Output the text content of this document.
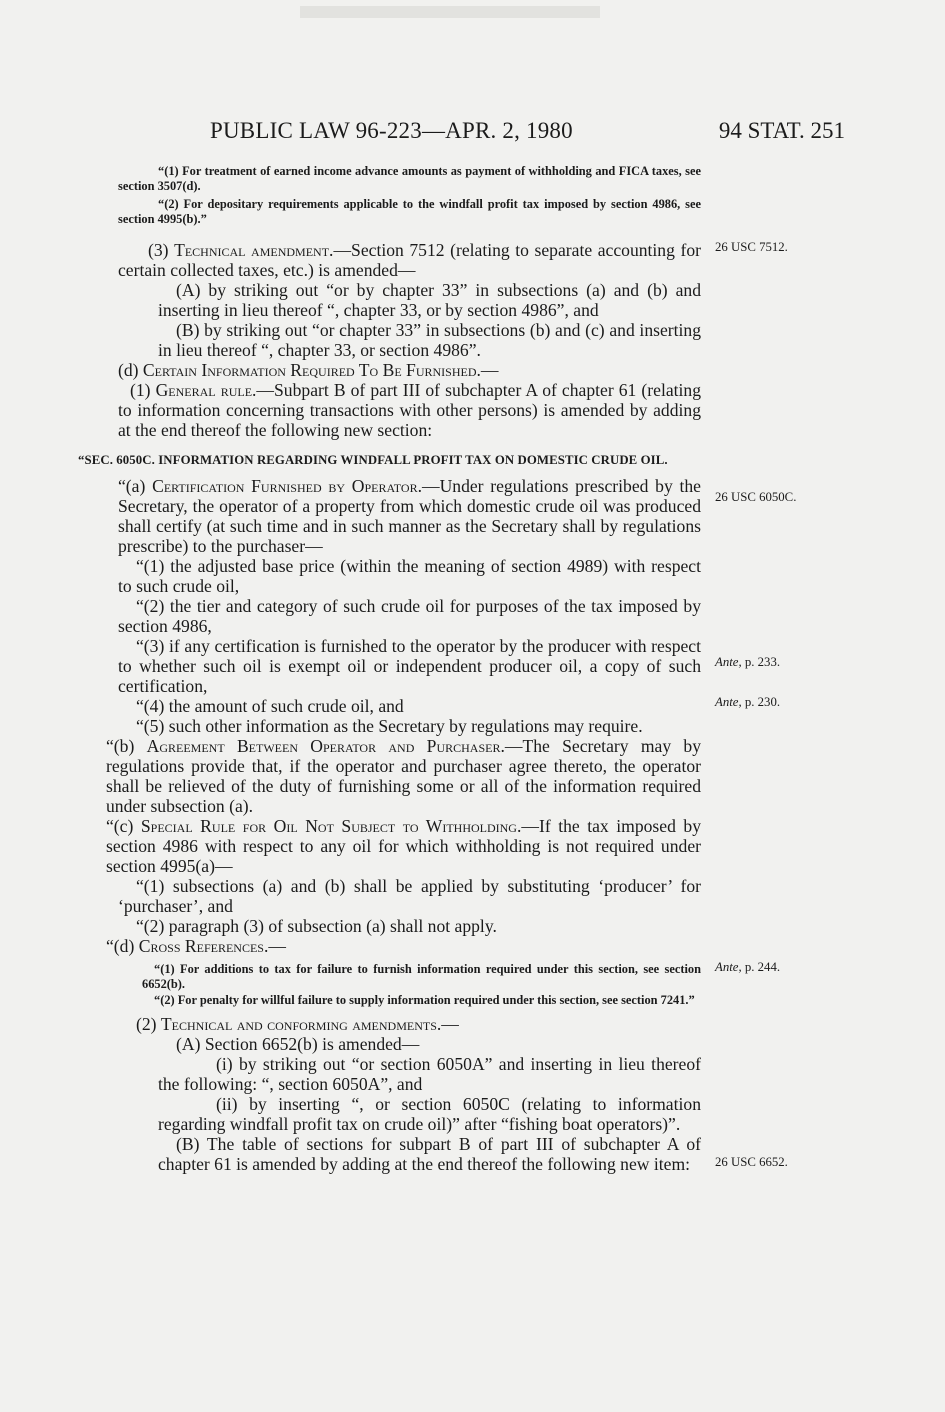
PUBLIC LAW 96-223—APR. 2, 1980	94 STAT. 251
“(1) For treatment of earned income advance amounts as payment of withholding and FICA taxes, see section 3507(d).
“(2) For depositary requirements applicable to the windfall profit tax imposed by section 4986, see section 4995(b).”
(3) Technical amendment.—Section 7512 (relating to separate accounting for certain collected taxes, etc.) is amended—
(A) by striking out “or by chapter 33” in subsections (a) and (b) and inserting in lieu thereof “, chapter 33, or by section 4986”, and
(B) by striking out “or chapter 33” in subsections (b) and (c) and inserting in lieu thereof “, chapter 33, or section 4986”.
(d) Certain Information Required To Be Furnished.—
(1) General rule.—Subpart B of part III of subchapter A of chapter 61 (relating to information concerning transactions with other persons) is amended by adding at the end thereof the following new section:
“SEC. 6050C. INFORMATION REGARDING WINDFALL PROFIT TAX ON DOMESTIC CRUDE OIL.
“(a) Certification Furnished by Operator.—Under regulations prescribed by the Secretary, the operator of a property from which domestic crude oil was produced shall certify (at such time and in such manner as the Secretary shall by regulations prescribe) to the purchaser—
“(1) the adjusted base price (within the meaning of section 4989) with respect to such crude oil,
“(2) the tier and category of such crude oil for purposes of the tax imposed by section 4986,
“(3) if any certification is furnished to the operator by the producer with respect to whether such oil is exempt oil or independent producer oil, a copy of such certification,
“(4) the amount of such crude oil, and
“(5) such other information as the Secretary by regulations may require.
“(b) Agreement Between Operator and Purchaser.—The Secretary may by regulations provide that, if the operator and purchaser agree thereto, the operator shall be relieved of the duty of furnishing some or all of the information required under subsection (a).
“(c) Special Rule for Oil Not Subject to Withholding.—If the tax imposed by section 4986 with respect to any oil for which withholding is not required under section 4995(a)—
“(1) subsections (a) and (b) shall be applied by substituting ‘producer’ for ‘purchaser’, and
“(2) paragraph (3) of subsection (a) shall not apply.
“(d) Cross References.—
“(1) For additions to tax for failure to furnish information required under this section, see section 6652(b).
“(2) For penalty for willful failure to supply information required under this section, see section 7241.”
(2) Technical and conforming amendments.—
(A) Section 6652(b) is amended—
(i) by striking out “or section 6050A” and inserting in lieu thereof the following: “, section 6050A”, and
(ii) by inserting “, or section 6050C (relating to information regarding windfall profit tax on crude oil)” after “fishing boat operators)”.
(B) The table of sections for subpart B of part III of subchapter A of chapter 61 is amended by adding at the end thereof the following new item:
26 USC 7512.
26 USC 6050C.
Ante, p. 233.
Ante, p. 230.
Ante, p. 244.
26 USC 6652.
